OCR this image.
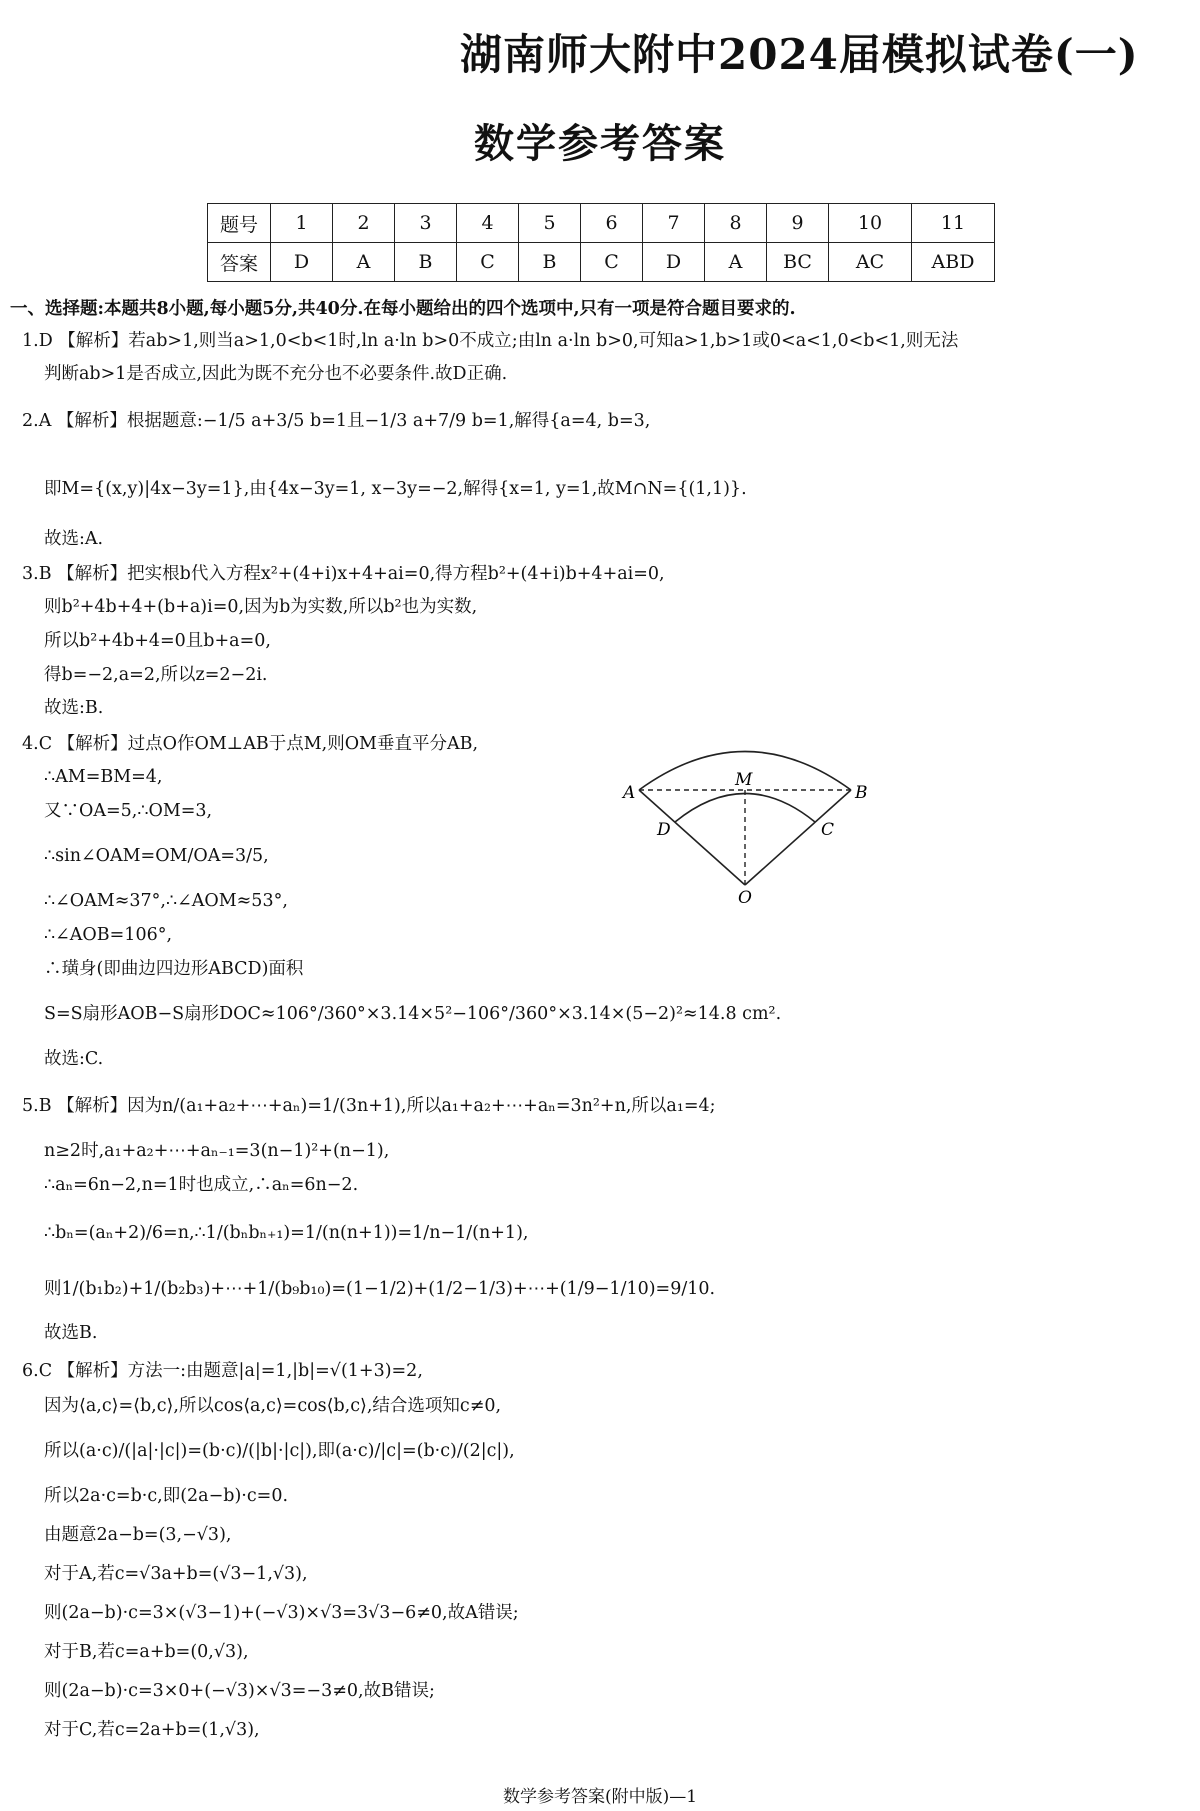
湖南师大附中2024届模拟试卷(一)
数学参考答案
题号	1	2	3	4	5	6	7	8	9	10	11
答案	D	A	B	C	B	C	D	A	BC	AC	ABD
一、选择题:本题共8小题,每小题5分,共40分.在每小题给出的四个选项中,只有一项是符合题目要求的.
1.D 【解析】若ab>1,则当a>1,0<b<1时,ln a·ln b>0不成立;由ln a·ln b>0,可知a>1,b>1或0<a<1,0<b<1,则无法
判断ab>1是否成立,因此为既不充分也不必要条件.故D正确.
2.A 【解析】根据题意:−1/5 a+3/5 b=1且−1/3 a+7/9 b=1,解得{a=4, b=3,
即M={(x,y)|4x−3y=1},由{4x−3y=1, x−3y=−2,解得{x=1, y=1,故M∩N={(1,1)}.
故选:A.
3.B 【解析】把实根b代入方程x²+(4+i)x+4+ai=0,得方程b²+(4+i)b+4+ai=0,
则b²+4b+4+(b+a)i=0,因为b为实数,所以b²也为实数,
所以b²+4b+4=0且b+a=0,
得b=−2,a=2,所以z=2−2i.
故选:B.
4.C 【解析】过点O作OM⊥AB于点M,则OM垂直平分AB,
∴AM=BM=4,
又∵OA=5,∴OM=3,
∴sin∠OAM=OM/OA=3/5,
∴∠OAM≈37°,∴∠AOM≈53°,
∴∠AOB=106°,
∴璜身(即曲边四边形ABCD)面积
S=S扇形AOB−S扇形DOC≈106°/360°×3.14×5²−106°/360°×3.14×(5−2)²≈14.8 cm².
故选:C.
5.B 【解析】因为n/(a₁+a₂+⋯+aₙ)=1/(3n+1),所以a₁+a₂+⋯+aₙ=3n²+n,所以a₁=4;
n≥2时,a₁+a₂+⋯+aₙ₋₁=3(n−1)²+(n−1),
∴aₙ=6n−2,n=1时也成立,∴aₙ=6n−2.
∴bₙ=(aₙ+2)/6=n,∴1/(bₙbₙ₊₁)=1/(n(n+1))=1/n−1/(n+1),
则1/(b₁b₂)+1/(b₂b₃)+⋯+1/(b₉b₁₀)=(1−1/2)+(1/2−1/3)+⋯+(1/9−1/10)=9/10.
故选B.
6.C 【解析】方法一:由题意|a|=1,|b|=√(1+3)=2,
因为⟨a,c⟩=⟨b,c⟩,所以cos⟨a,c⟩=cos⟨b,c⟩,结合选项知c≠0,
所以(a·c)/(|a|·|c|)=(b·c)/(|b|·|c|),即(a·c)/|c|=(b·c)/(2|c|),
所以2a·c=b·c,即(2a−b)·c=0.
由题意2a−b=(3,−√3),
对于A,若c=√3a+b=(√3−1,√3),
则(2a−b)·c=3×(√3−1)+(−√3)×√3=3√3−6≠0,故A错误;
对于B,若c=a+b=(0,√3),
则(2a−b)·c=3×0+(−√3)×√3=−3≠0,故B错误;
对于C,若c=2a+b=(1,√3),
A	B
D	C
M
O
数学参考答案(附中版)—1
